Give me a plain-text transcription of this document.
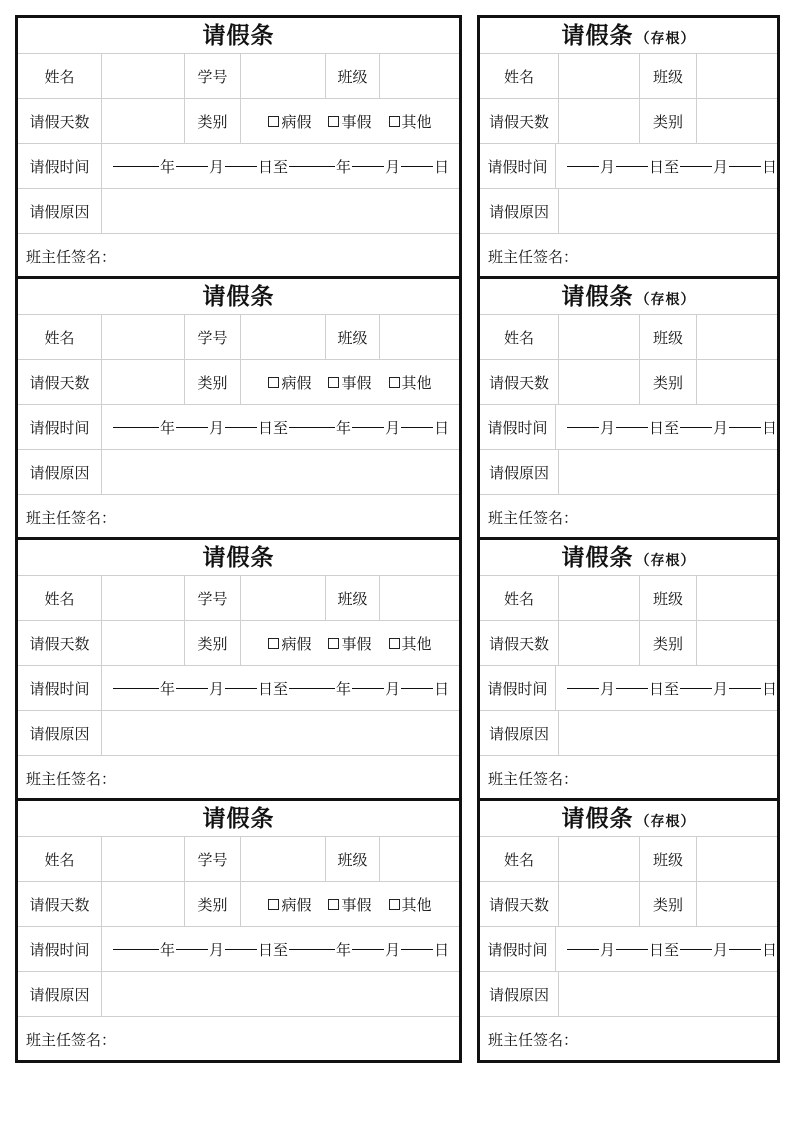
请假条
姓名	学号	班级
请假天数	类别	病假 事假 其他
请假时间	年 月 日至	年 月 日
请假原因
班主任签名：
请假条 （存根）
姓名	班级
请假天数	类别
请假时间	月 日至 月 日
请假原因
班主任签名：
请假条
姓名	学号	班级
请假天数	类别	病假 事假 其他
请假时间	年 月 日至	年 月 日
请假原因
班主任签名：
请假条 （存根）
姓名	班级
请假天数	类别
请假时间	月 日至 月 日
请假原因
班主任签名：
请假条
姓名	学号	班级
请假天数	类别	病假 事假 其他
请假时间	年 月 日至	年 月 日
请假原因
班主任签名：
请假条 （存根）
姓名	班级
请假天数	类别
请假时间	月 日至 月 日
请假原因
班主任签名：
请假条
姓名	学号	班级
请假天数	类别	病假 事假 其他
请假时间	年 月 日至	年 月 日
请假原因
班主任签名：
请假条 （存根）
姓名	班级
请假天数	类别
请假时间	月 日至 月 日
请假原因
班主任签名：
